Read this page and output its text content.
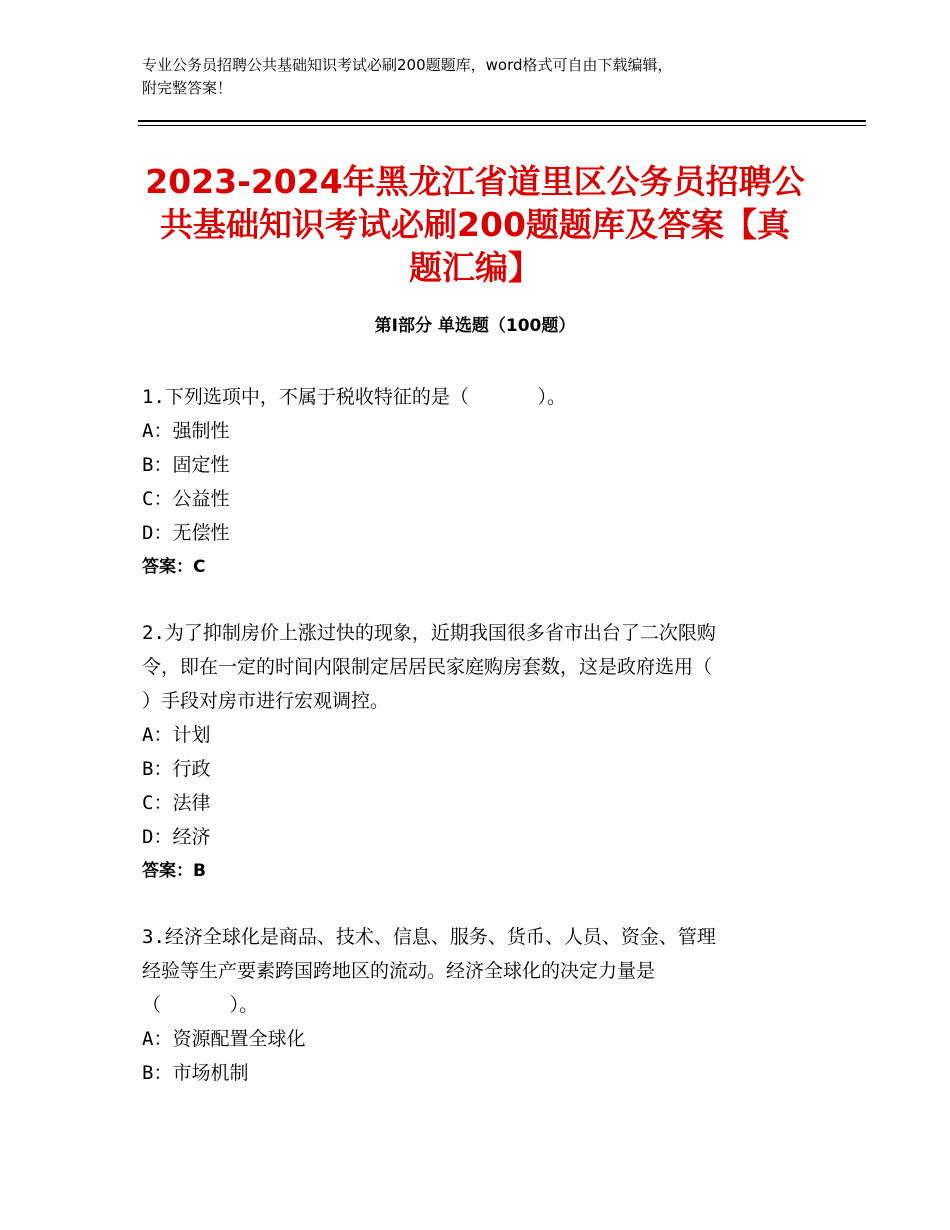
专业公务员招聘公共基础知识考试必刷200题题库，word格式可自由下载编辑，
附完整答案！
2023-2024年黑龙江省道里区公务员招聘公
共基础知识考试必刷200题题库及答案【真
题汇编】
第Ⅰ部分 单选题（100题）
1.下列选项中，不属于税收特征的是（      ）。
A：强制性
B：固定性
C：公益性
D：无偿性
答案：C
2.为了抑制房价上涨过快的现象，近期我国很多省市出台了二次限购
令，即在一定的时间内限制定居居民家庭购房套数，这是政府选用（
）手段对房市进行宏观调控。
A：计划
B：行政
C：法律
D：经济
答案：B
3.经济全球化是商品、技术、信息、服务、货币、人员、资金、管理
经验等生产要素跨国跨地区的流动。经济全球化的决定力量是
（      ）。
A：资源配置全球化
B：市场机制
